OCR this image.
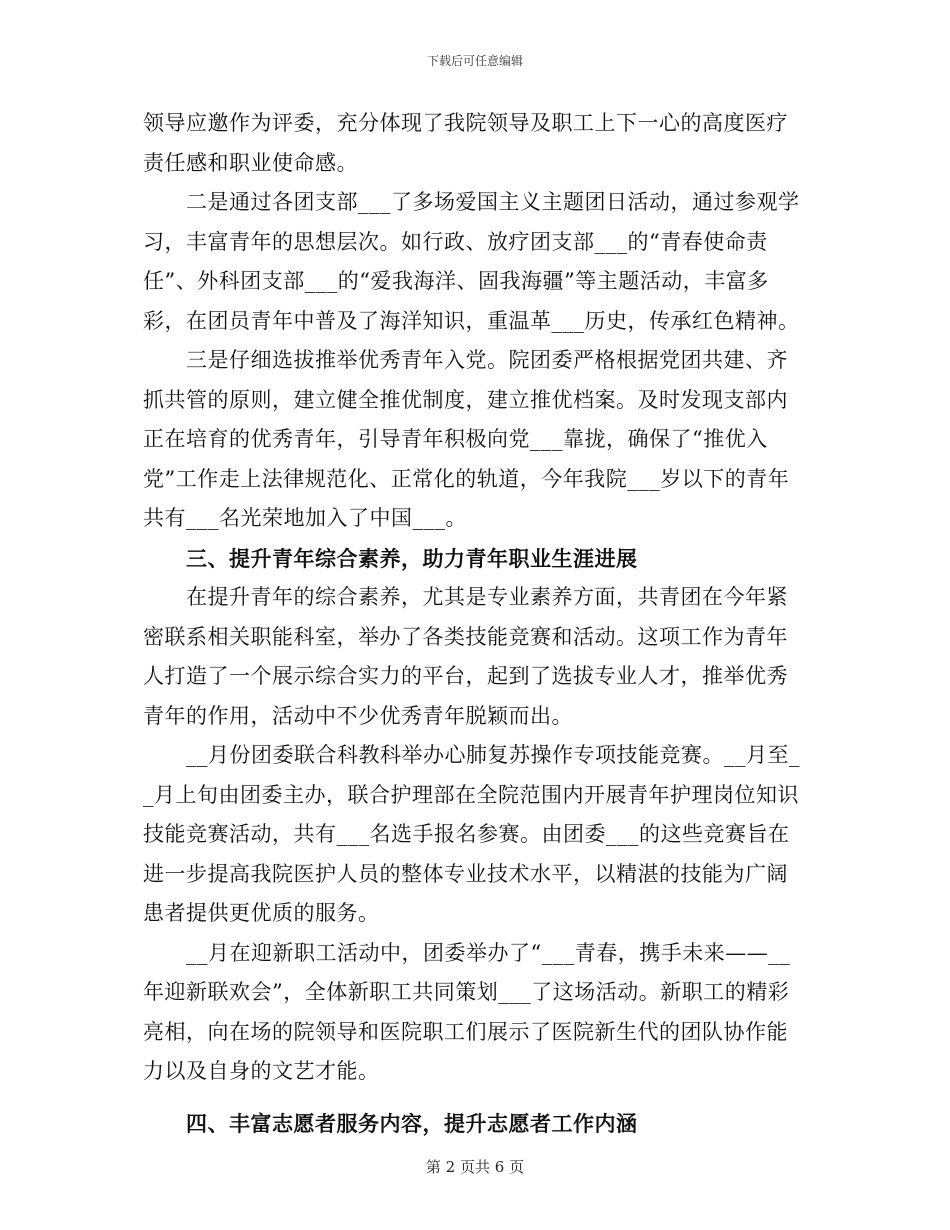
下载后可任意编辑
领导应邀作为评委，充分体现了我院领导及职工上下一心的高度医疗
责任感和职业使命感。
　　二是通过各团支部___了多场爱国主义主题团日活动，通过参观学
习，丰富青年的思想层次。如行政、放疗团支部___的“青春使命责
任”、外科团支部___的“爱我海洋、固我海疆”等主题活动，丰富多
彩，在团员青年中普及了海洋知识，重温革___历史，传承红色精神。
　　三是仔细选拔推举优秀青年入党。院团委严格根据党团共建、齐
抓共管的原则，建立健全推优制度，建立推优档案。及时发现支部内
正在培育的优秀青年，引导青年积极向党___靠拢，确保了“推优入
党”工作走上法律规范化、正常化的轨道，今年我院___岁以下的青年
共有___名光荣地加入了中国___。
　　三、提升青年综合素养，助力青年职业生涯进展
　　在提升青年的综合素养，尤其是专业素养方面，共青团在今年紧
密联系相关职能科室，举办了各类技能竞赛和活动。这项工作为青年
人打造了一个展示综合实力的平台，起到了选拔专业人才，推举优秀
青年的作用，活动中不少优秀青年脱颖而出。
　　__月份团委联合科教科举办心肺复苏操作专项技能竞赛。__月至_
_月上旬由团委主办，联合护理部在全院范围内开展青年护理岗位知识
技能竞赛活动，共有___名选手报名参赛。由团委___的这些竞赛旨在
进一步提高我院医护人员的整体专业技术水平，以精湛的技能为广阔
患者提供更优质的服务。
　　__月在迎新职工活动中，团委举办了“___青春，携手未来——__
年迎新联欢会”，全体新职工共同策划___了这场活动。新职工的精彩
亮相，向在场的院领导和医院职工们展示了医院新生代的团队协作能
力以及自身的文艺才能。
　　四、丰富志愿者服务内容，提升志愿者工作内涵
第 2 页共 6 页
